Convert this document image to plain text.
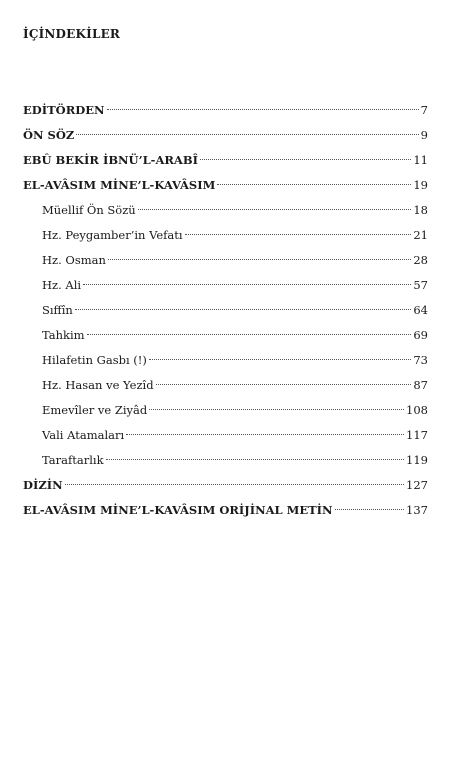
İÇİNDEKİLER
EDİTÖRDEN	7
ÖN SÖZ	9
EBÛ BEKİR İBNÜ’L-ARABÎ	11
EL-AVÂSIM MİNE’L-KAVÂSIM	19
Müellif Ön Sözü	18
Hz. Peygamber’in Vefatı	21
Hz. Osman	28
Hz. Ali	57
Sıffîn	64
Tahkim	69
Hilafetin Gasbı (!)	73
Hz. Hasan ve Yezîd	87
Emevîler ve Ziyâd	108
Vali Atamaları	117
Taraftarlık	119
DİZİN	127
EL-AVÂSIM MİNE’L-KAVÂSIM ORİJİNAL METİN	137
